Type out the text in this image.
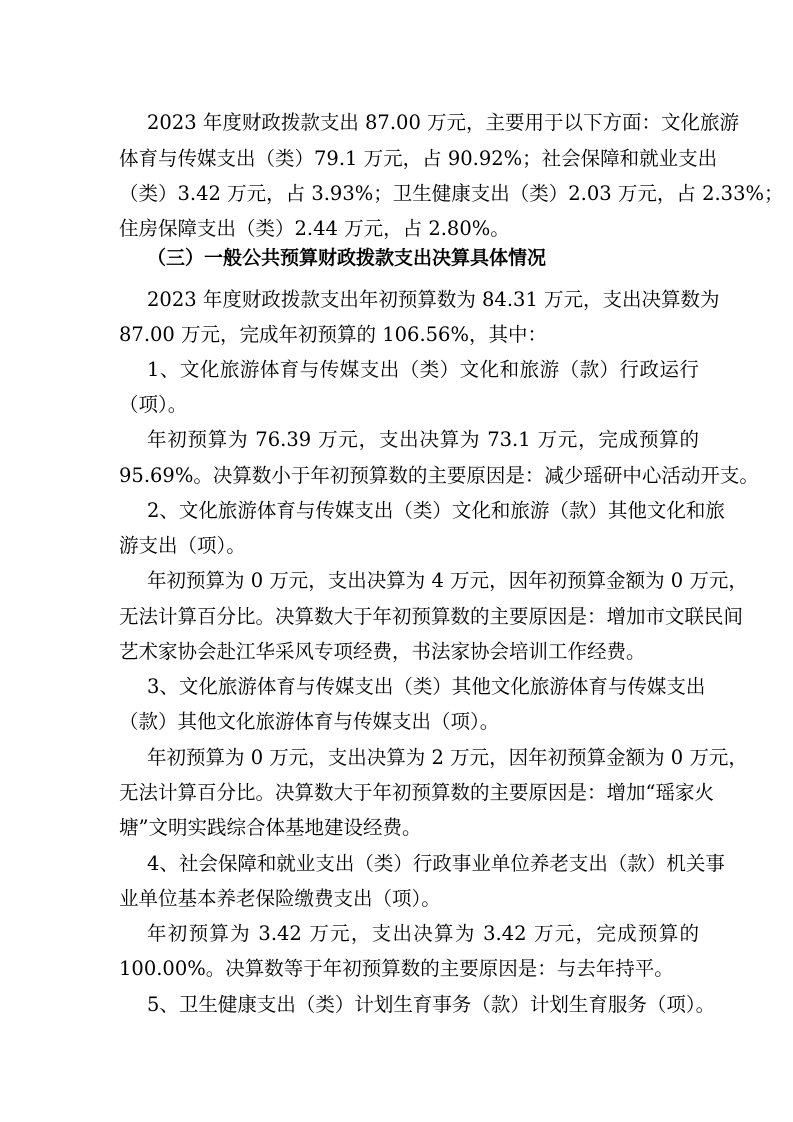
2023 年度财政拨款支出 87.00 万元，主要用于以下方面：文化旅游
体育与传媒支出（类）79.1 万元，占 90.92%；社会保障和就业支出
（类）3.42 万元，占 3.93%；卫生健康支出（类）2.03 万元，占 2.33%；
住房保障支出（类）2.44 万元，占 2.80%。
（三）一般公共预算财政拨款支出决算具体情况
2023 年度财政拨款支出年初预算数为 84.31 万元，支出决算数为
87.00 万元，完成年初预算的 106.56%，其中：
1、文化旅游体育与传媒支出（类）文化和旅游（款）行政运行
（项）。
年初预算为 76.39 万元，支出决算为 73.1 万元，完成预算的
95.69%。决算数小于年初预算数的主要原因是：减少瑶研中心活动开支。
2、文化旅游体育与传媒支出（类）文化和旅游（款）其他文化和旅
游支出（项）。
年初预算为 0 万元，支出决算为 4 万元，因年初预算金额为 0 万元，
无法计算百分比。决算数大于年初预算数的主要原因是：增加市文联民间
艺术家协会赴江华采风专项经费，书法家协会培训工作经费。
3、文化旅游体育与传媒支出（类）其他文化旅游体育与传媒支出
（款）其他文化旅游体育与传媒支出（项）。
年初预算为 0 万元，支出决算为 2 万元，因年初预算金额为 0 万元，
无法计算百分比。决算数大于年初预算数的主要原因是：增加“瑶家火
塘”文明实践综合体基地建设经费。
4、社会保障和就业支出（类）行政事业单位养老支出（款）机关事
业单位基本养老保险缴费支出（项）。
年初预算为 3.42 万元，支出决算为 3.42 万元，完成预算的
100.00%。决算数等于年初预算数的主要原因是：与去年持平。
5、卫生健康支出（类）计划生育事务（款）计划生育服务（项）。
